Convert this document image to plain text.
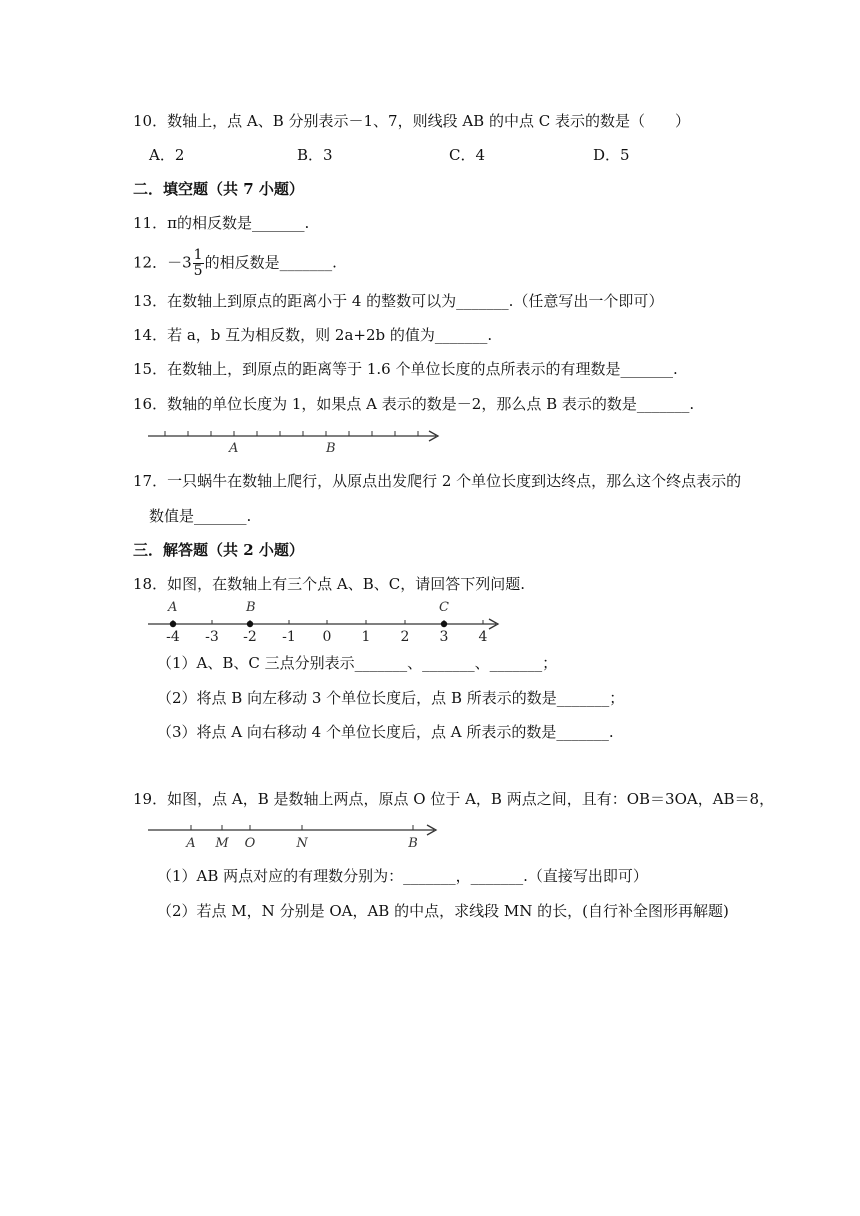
10．数轴上，点 A、B 分别表示－1、7，则线段 AB 的中点 C 表示的数是（　　）
A．2	B．3	C．4	D．5
二．填空题（共 7 小题）
11．π的相反数是_______.
12．$-3 \frac{1}{5}$ 的相反数是_______.
13．在数轴上到原点的距离小于 4 的整数可以为_______.（任意写出一个即可）
14．若 a，b 互为相反数，则 2a+2b 的值为_______.
15．在数轴上，到原点的距离等于 1.6 个单位长度的点所表示的有理数是_______.
16．数轴的单位长度为 1，如果点 A 表示的数是－2，那么点 B 表示的数是_______.
A	B
17．一只蜗牛在数轴上爬行，从原点出发爬行 2 个单位长度到达终点，那么这个终点表示的
数值是_______.
三．解答题（共 2 小题）
18．如图，在数轴上有三个点 A、B、C，请回答下列问题.
A	B	C
-4 -3 -2 -1 0 1 2 3 4
（1）A、B、C 三点分别表示_______、_______、_______；
（2）将点 B 向左移动 3 个单位长度后，点 B 所表示的数是_______；
（3）将点 A 向右移动 4 个单位长度后，点 A 所表示的数是_______.
19．如图，点 A，B 是数轴上两点，原点 O 位于 A，B 两点之间，且有：OB＝3OA，AB＝8，
A M O	N	B
（1）AB 两点对应的有理数分别为：_______，_______.（直接写出即可）
（2）若点 M，N 分别是 OA，AB 的中点，求线段 MN 的长，(自行补全图形再解题)
